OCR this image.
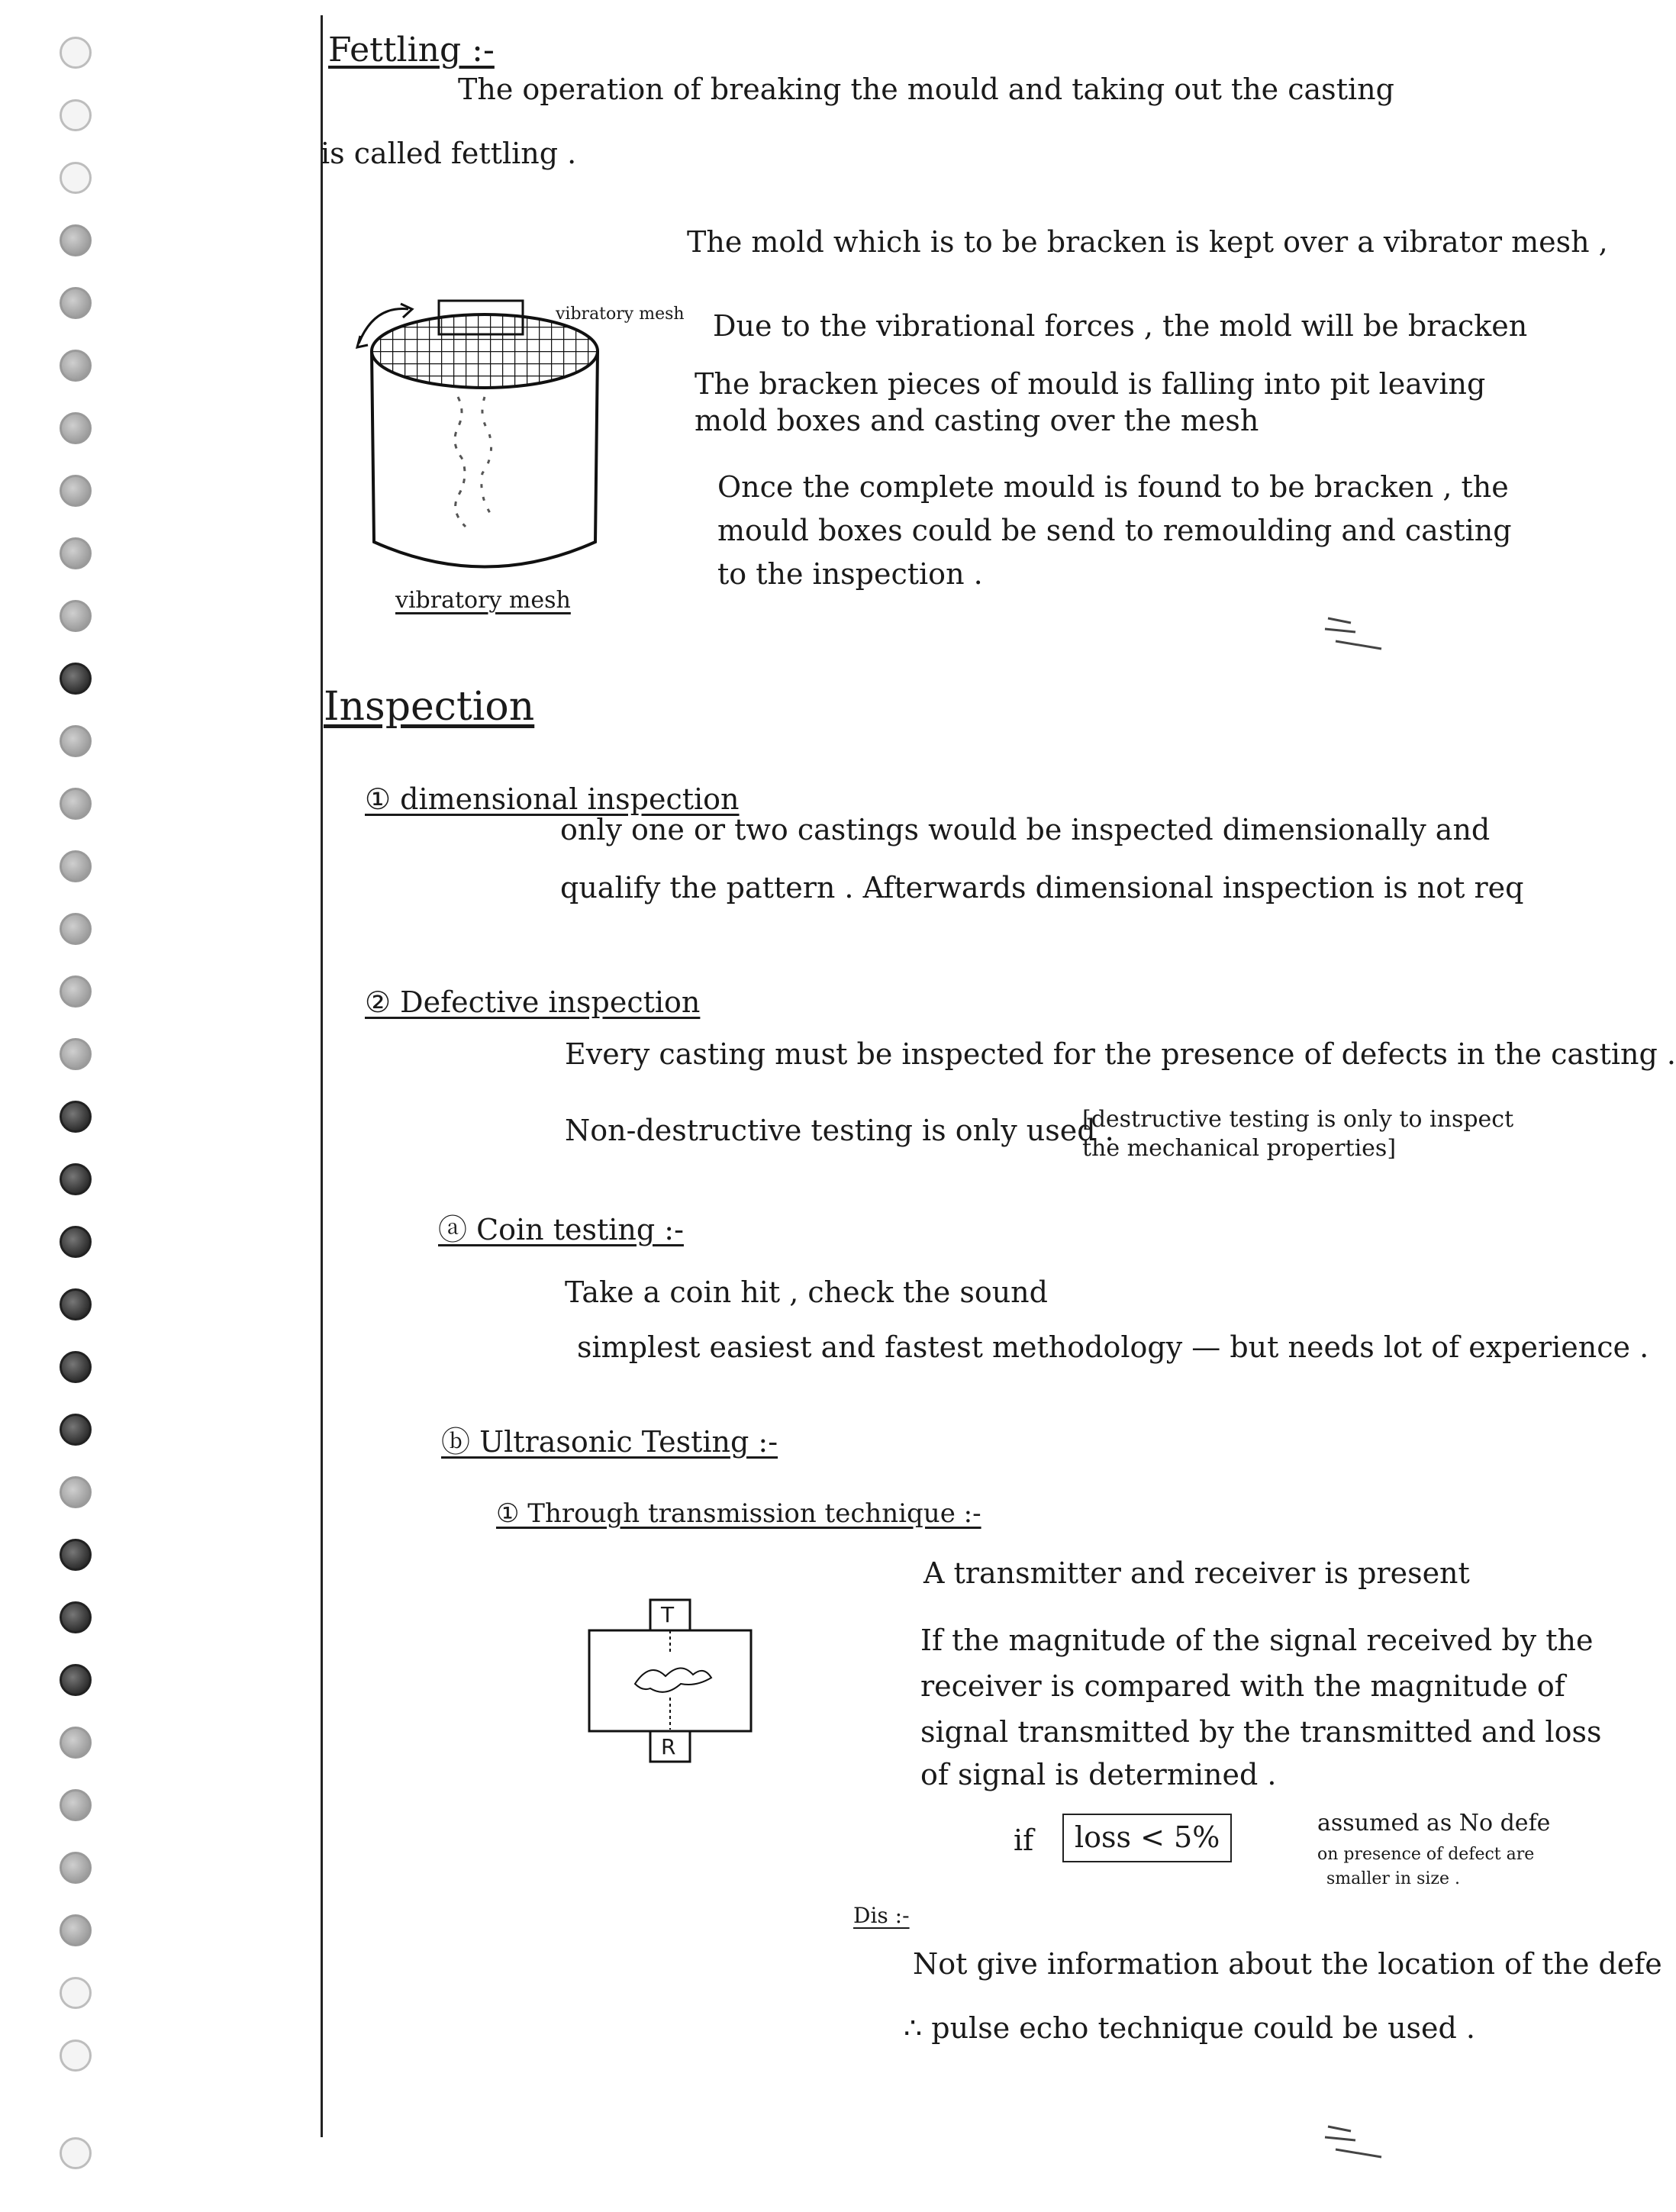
Fettling :-
The operation of breaking the mould and taking out the casting
is called fettling .
vibratory mesh
vibratory mesh
The mold which is to be bracken is kept over a vibrator mesh ,
Due to the vibrational forces , the mold will be bracken
The bracken pieces of mould is falling into pit leaving mold boxes and casting over the mesh
Once the complete mould is found to be bracken , the mould boxes could be send to remoulding and casting to the inspection .
Inspection
① dimensional inspection
only one or two castings would be inspected dimensionally and
qualify the pattern . Afterwards dimensional inspection is not req
② Defective inspection
Every casting must be inspected for the presence of defects in the casting .
Non-destructive testing is only used .
[destructive testing is only to inspect the mechanical properties]
ⓐ Coin testing :-
Take a coin hit , check the sound
simplest easiest and fastest methodology — but needs lot of experience .
ⓑ Ultrasonic Testing :-
① Through transmission technique :-
T
R
A transmitter and receiver is present
If the magnitude of the signal received by the
receiver is compared with the magnitude of
signal transmitted by the transmitted and loss
of signal is determined .
if	loss < 5%	assumed as No defe
on presence of defect are
smaller in size .
Dis :-
Not give information about the location of the defe
∴ pulse echo technique could be used .
